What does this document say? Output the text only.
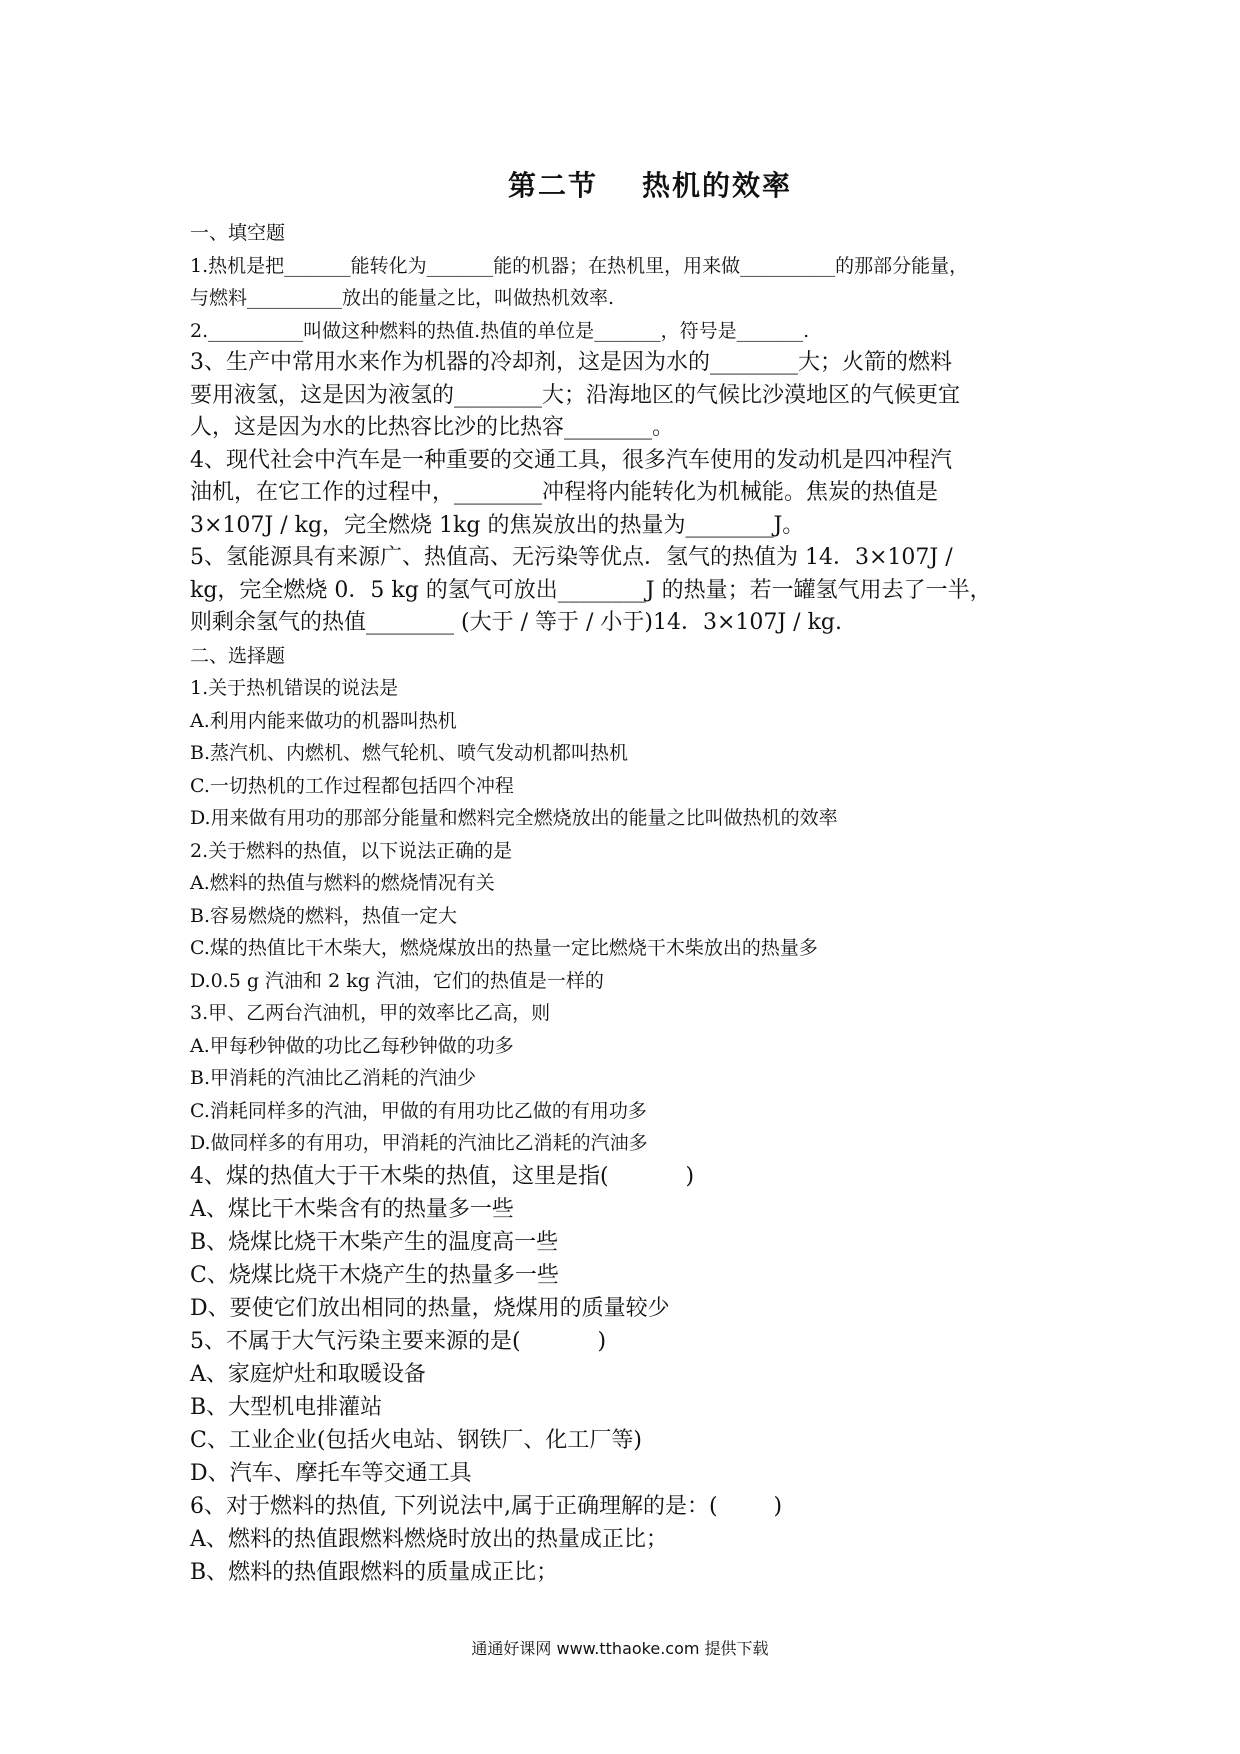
第二节 热机的效率
一、填空题
1.热机是把_______能转化为_______能的机器；在热机里，用来做__________的那部分能量，
与燃料__________放出的能量之比，叫做热机效率.
2.__________叫做这种燃料的热值.热值的单位是_______，符号是_______.
3、生产中常用水来作为机器的冷却剂，这是因为水的________大；火箭的燃料
要用液氢，这是因为液氢的________大；沿海地区的气候比沙漠地区的气候更宜
人，这是因为水的比热容比沙的比热容________。
4、现代社会中汽车是一种重要的交通工具，很多汽车使用的发动机是四冲程汽
油机，在它工作的过程中，________冲程将内能转化为机械能。焦炭的热值是
3×107J / kg，完全燃烧 1kg 的焦炭放出的热量为________J。
5、氢能源具有来源广、热值高、无污染等优点．氢气的热值为 14．3×107J /
kg，完全燃烧 0．5 kg 的氢气可放出________J 的热量；若一罐氢气用去了一半，
则剩余氢气的热值________ (大于 / 等于 / 小于)14．3×107J / kg.
二、选择题
1.关于热机错误的说法是
A.利用内能来做功的机器叫热机
B.蒸汽机、内燃机、燃气轮机、喷气发动机都叫热机
C.一切热机的工作过程都包括四个冲程
D.用来做有用功的那部分能量和燃料完全燃烧放出的能量之比叫做热机的效率
2.关于燃料的热值，以下说法正确的是
A.燃料的热值与燃料的燃烧情况有关
B.容易燃烧的燃料，热值一定大
C.煤的热值比干木柴大，燃烧煤放出的热量一定比燃烧干木柴放出的热量多
D.0.5 g 汽油和 2 kg 汽油，它们的热值是一样的
3.甲、乙两台汽油机，甲的效率比乙高，则
A.甲每秒钟做的功比乙每秒钟做的功多
B.甲消耗的汽油比乙消耗的汽油少
C.消耗同样多的汽油，甲做的有用功比乙做的有用功多
D.做同样多的有用功，甲消耗的汽油比乙消耗的汽油多
4、煤的热值大于干木柴的热值，这里是指(           )
A、煤比干木柴含有的热量多一些
B、烧煤比烧干木柴产生的温度高一些
C、烧煤比烧干木烧产生的热量多一些
D、要使它们放出相同的热量，烧煤用的质量较少
5、不属于大气污染主要来源的是(           )
A、家庭炉灶和取暖设备
B、大型机电排灌站
C、工业企业(包括火电站、钢铁厂、化工厂等)
D、汽车、摩托车等交通工具
6、对于燃料的热值, 下列说法中,属于正确理解的是：(        )
A、燃料的热值跟燃料燃烧时放出的热量成正比；
B、燃料的热值跟燃料的质量成正比；
通通好课网 www.tthaoke.com 提供下载
